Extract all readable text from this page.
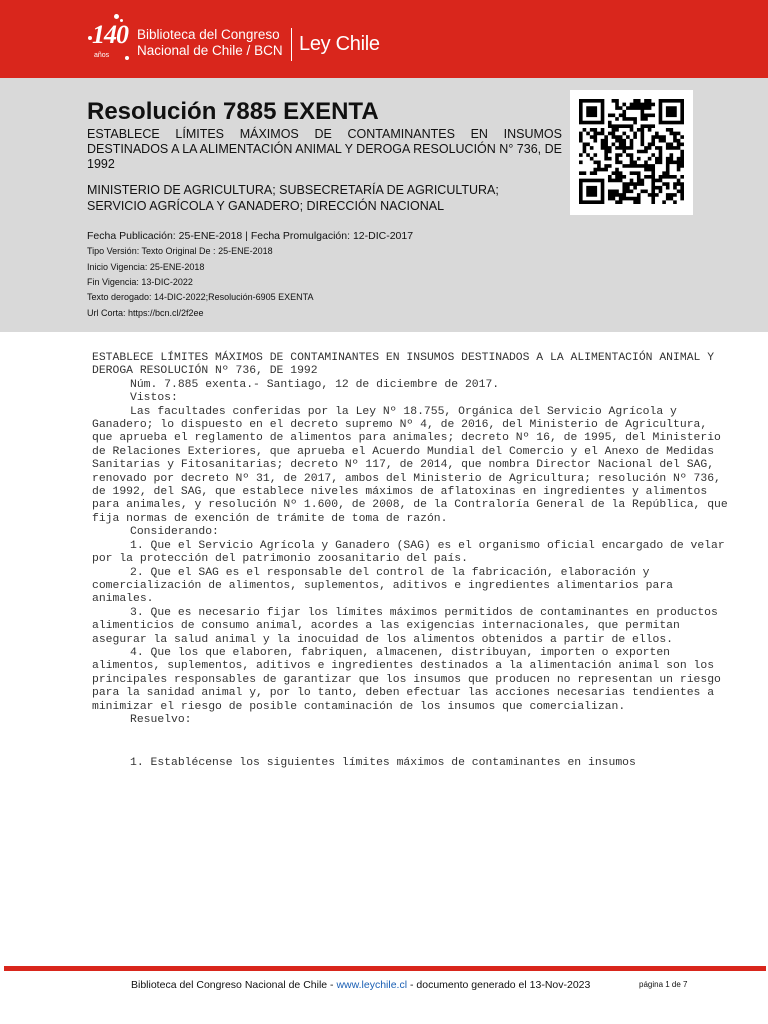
140
años
Biblioteca del Congreso
Nacional de Chile / BCN Ley Chile
Resolución 7885 EXENTA
ESTABLECE LÍMITES MÁXIMOS DE CONTAMINANTES EN INSUMOS DESTINADOS A LA ALIMENTACIÓN ANIMAL Y DEROGA RESOLUCIÓN N° 736, DE 1992
MINISTERIO DE AGRICULTURA; SUBSECRETARÍA DE AGRICULTURA; SERVICIO AGRÍCOLA Y GANADERO; DIRECCIÓN NACIONAL
Fecha Publicación: 25-ENE-2018 | Fecha Promulgación: 12-DIC-2017
Tipo Versión: Texto Original De : 25-ENE-2018
Inicio Vigencia: 25-ENE-2018
Fin Vigencia: 13-DIC-2022
Texto derogado: 14-DIC-2022;Resolución-6905 EXENTA
Url Corta: https://bcn.cl/2f2ee

ESTABLECE LÍMITES MÁXIMOS DE CONTAMINANTES EN INSUMOS DESTINADOS A LA ALIMENTACIÓN ANIMAL Y DEROGA RESOLUCIÓN Nº 736, DE 1992

Núm. 7.885 exenta.- Santiago, 12 de diciembre de 2017.

Vistos:

Las facultades conferidas por la Ley Nº 18.755, Orgánica del Servicio Agrícola y Ganadero; lo dispuesto en el decreto supremo Nº 4, de 2016, del Ministerio de Agricultura, que aprueba el reglamento de alimentos para animales; decreto Nº 16, de 1995, del Ministerio de Relaciones Exteriores, que aprueba el Acuerdo Mundial del Comercio y el Anexo de Medidas Sanitarias y Fitosanitarias; decreto Nº 117, de 2014, que nombra Director Nacional del SAG, renovado por decreto Nº 31, de 2017, ambos del Ministerio de Agricultura; resolución Nº 736, de 1992, del SAG, que establece niveles máximos de aflatoxinas en ingredientes y alimentos para animales, y resolución Nº 1.600, de 2008, de la Contraloría General de la República, que fija normas de exención de trámite de toma de razón.

Considerando:

1. Que el Servicio Agrícola y Ganadero (SAG) es el organismo oficial encargado de velar por la protección del patrimonio zoosanitario del país.

2. Que el SAG es el responsable del control de la fabricación, elaboración y comercialización de alimentos, suplementos, aditivos e ingredientes alimentarios para animales.

3. Que es necesario fijar los límites máximos permitidos de contaminantes en productos alimenticios de consumo animal, acordes a las exigencias internacionales, que permitan asegurar la salud animal y la inocuidad de los alimentos obtenidos a partir de ellos.

4. Que los que elaboren, fabriquen, almacenen, distribuyan, importen o exporten alimentos, suplementos, aditivos e ingredientes destinados a la alimentación animal son los principales responsables de garantizar que los insumos que producen no representan un riesgo para la sanidad animal y, por lo tanto, deben efectuar las acciones necesarias tendientes a minimizar el riesgo de posible contaminación de los insumos que comercializan.

Resuelvo:

1. Establécense los siguientes límites máximos de contaminantes en insumos

Biblioteca del Congreso Nacional de Chile - www.leychile.cl - documento generado el 13-Nov-2023	página 1 de 7
